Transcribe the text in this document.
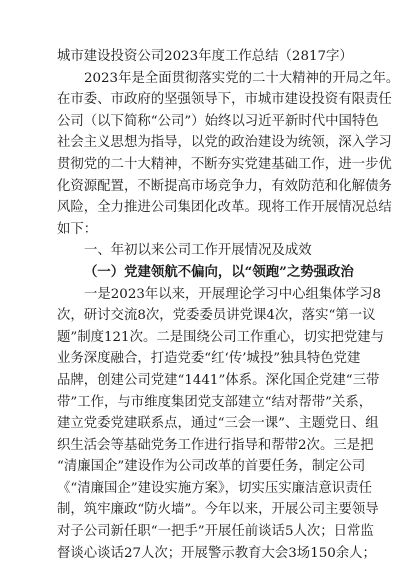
城市建设投资公司2023年度工作总结（2817字）
2023年是全面贯彻落实党的二十大精神的开局之年。
在市委、市政府的坚强领导下，市城市建设投资有限责任
公司（以下简称“公司”）始终以习近平新时代中国特色
社会主义思想为指导，以党的政治建设为统领，深入学习
贯彻党的二十大精神，不断夯实党建基础工作，进一步优
化资源配置，不断提高市场竞争力，有效防范和化解债务
风险，全力推进公司集团化改革。现将工作开展情况总结
如下：
一、年初以来公司工作开展情况及成效
（一）党建领航不偏向，以“领跑”之势强政治
一是2023年以来，开展理论学习中心组集体学习8
次，研讨交流8次，党委委员讲党课4次，落实“第一议
题”制度121次。二是围绕公司工作重心，切实把党建与
业务深度融合，打造党委“红‘传’城投”独具特色党建
品牌，创建公司党建“1441”体系。深化国企党建“三带
带”工作，与市维度集团党支部建立“结对帮带”关系，
建立党委党建联系点，通过“三会一课”、主题党日、组
织生活会等基础党务工作进行指导和帮带2次。三是把
“清廉国企”建设作为公司改革的首要任务，制定公司
《“清廉国企”建设实施方案》，切实压实廉洁意识责任
制，筑牢廉政“防火墙”。今年以来，开展公司主要领导
对子公司新任职“一把手”开展任前谈话5人次；日常监
督谈心谈话27人次；开展警示教育大会3场150余人；
